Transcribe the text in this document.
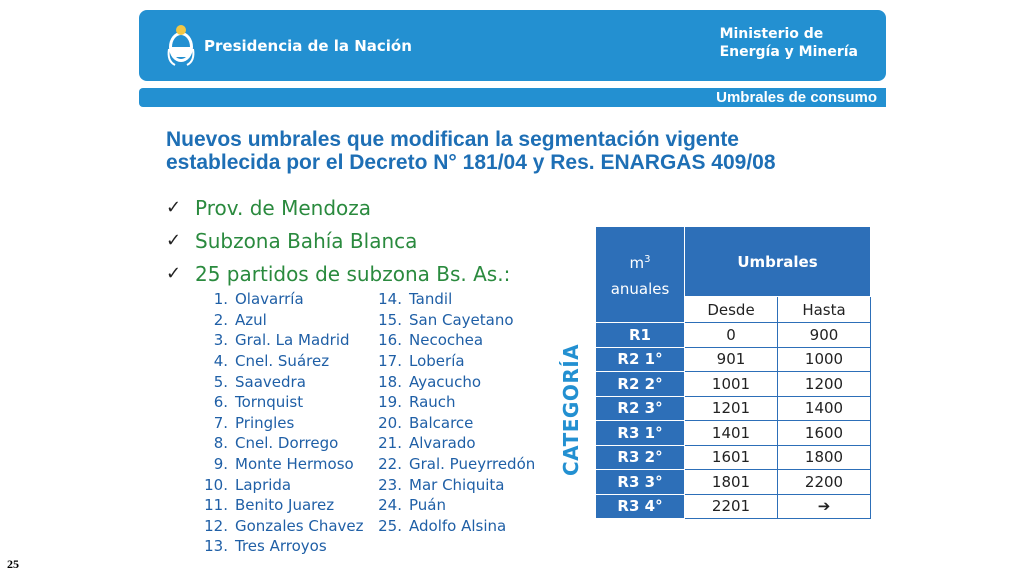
Presidencia de la Nación
Ministerio de
Energía y Minería
Umbrales de consumo
Nuevos umbrales que modifican la segmentación vigente
establecida por el Decreto N° 181/04 y Res. ENARGAS 409/08
✓ Prov. de Mendoza
✓ Subzona Bahía Blanca
✓ 25 partidos de subzona Bs. As.:
1. Olavarría
2. Azul
3. Gral. La Madrid
4. Cnel. Suárez
5. Saavedra
6. Tornquist
7. Pringles
8. Cnel. Dorrego
9. Monte Hermoso
10. Laprida
11. Benito Juarez
12. Gonzales Chavez
13. Tres Arroyos
14. Tandil
15. San Cayetano
16. Necochea
17. Lobería
18. Ayacucho
19. Rauch
20. Balcarce
21. Alvarado
22. Gral. Pueyrredón
23. Mar Chiquita
24. Puán
25. Adolfo Alsina
CATEGORÍA
$m^3$
anuales	Umbrales	
	Desde	Hasta
R1	0	900
R2 1°	901	1000
R2 2°	1001	1200
R2 3°	1201	1400
R3 1°	1401	1600
R3 2°	1601	1800
R3 3°	1801	2200
R3 4°	2201	➔
25
